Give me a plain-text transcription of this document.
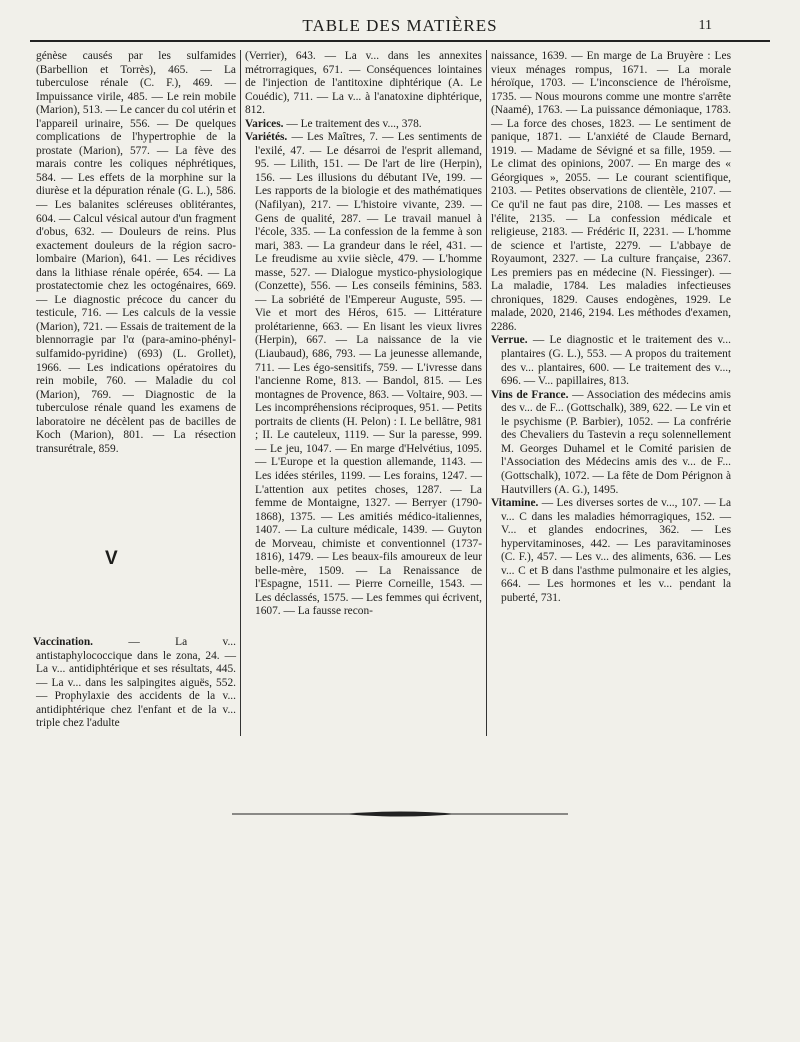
TABLE DES MATIÈRES	11

génèse causés par les sulfamides (Barbellion et Torrès), 465. — La tuberculose rénale (C. F.), 469. — Impuissance virile, 485. — Le rein mobile (Marion), 513. — Le cancer du col utérin et l'appareil urinaire, 556. — De quelques complications de l'hypertrophie de la prostate (Marion), 577. — La fève des marais contre les coliques néphrétiques, 584. — Les effets de la morphine sur la diurèse et la dépuration rénale (G. L.), 586. — Les balanites scléreuses oblitérantes, 604. — Calcul vésical autour d'un fragment d'obus, 632. — Douleurs de reins. Plus exactement douleurs de la région sacro-lombaire (Marion), 641. — Les récidives dans la lithiase rénale opérée, 654. — La prostatectomie chez les octogénaires, 669. — Le diagnostic précoce du cancer du testicule, 716. — Les calculs de la vessie (Marion), 721. — Essais de traitement de la blennorragie par l'α (para-amino-phényl-sulfamido-pyridine) (693) (L. Grollet), 1966. — Les indications opératoires du rein mobile, 760. — Maladie du col (Marion), 769. — Diagnostic de la tuberculose rénale quand les examens de laboratoire ne décèlent pas de bacilles de Koch (Marion), 801. — La résection transurétrale, 859.

V

Vaccination.	— La v... antistaphylococcique dans le zona, 24. — La v... antidiphtérique et ses résultats, 445. — La v... dans les salpingites aiguës, 552. — Prophylaxie des accidents de la v... antidiphtérique chez l'enfant et de la v... triple chez l'adulte

(Verrier), 643. — La v... dans les annexites métrorragiques, 671. — Conséquences lointaines de l'injection de l'antitoxine diphtérique (A. Le Couédic), 711. — La v... à l'anatoxine diphtérique, 812.

Varices. — Le traitement des v..., 378.

Variétés. — Les Maîtres, 7. — Les sentiments de l'exilé, 47. — Le désarroi de l'esprit allemand, 95. — Lilith, 151. — De l'art de lire (Herpin), 156. — Les illusions du débutant IVe, 199. — Les rapports de la biologie et des mathématiques (Nafilyan), 217. — L'histoire vivante, 239. — Gens de qualité, 287. — Le travail manuel à l'école, 335. — La confession de la femme à son mari, 383. — La grandeur dans le réel, 431. — Le freudisme au xviie siècle, 479. — L'homme masse, 527. — Dialogue mystico-physiologique (Conzette), 556. — Les conseils féminins, 583. — La sobriété de l'Empereur Auguste, 595. — Vie et mort des Héros, 615. — Littérature prolétarienne, 663. — En lisant les vieux livres (Herpin), 667. — La naissance de la vie (Liaubaud), 686, 793. — La jeunesse allemande, 711. — Les égo-sensitifs, 759. — L'ivresse dans l'ancienne Rome, 813. — Bandol, 815. — Les montagnes de Provence, 863. — Voltaire, 903. — Les incompréhensions réciproques, 951. — Petits portraits de clients (H. Pelon) : I. Le bellâtre, 981 ; II. Le cauteleux, 1119. — Sur la paresse, 999. — Le jeu, 1047. — En marge d'Helvétius, 1095. — L'Europe et la question allemande, 1143. — Les idées stériles, 1199. — Les forains, 1247. — L'attention aux petites choses, 1287. — La femme de Montaigne, 1327. — Berryer (1790-1868), 1375. — Les amitiés médico-italiennes, 1407. — La culture médicale, 1439. — Guyton de Morveau, chimiste et conventionnel (1737-1816), 1479. — Les beaux-fils amoureux de leur belle-mère, 1509. — La Renaissance de l'Espagne, 1511. — Pierre Corneille, 1543. — Les déclassés, 1575. — Les femmes qui écrivent, 1607. — La fausse recon-

naissance, 1639. — En marge de La Bruyère : Les vieux ménages rompus, 1671. — La morale héroïque, 1703. — L'inconscience de l'héroïsme, 1735. — Nous mourons comme une montre s'arrête (Naamé), 1763. — La puissance démoniaque, 1783. — La force des choses, 1823. — Le sentiment de panique, 1871. — L'anxiété de Claude Bernard, 1919. — Madame de Sévigné et sa fille, 1959. — Le climat des opinions, 2007. — En marge des « Géorgiques », 2055. — Le courant scientifique, 2103. — Petites observations de clientèle, 2107. — Ce qu'il ne faut pas dire, 2108. — Les masses et l'élite, 2135. — La confession médicale et religieuse, 2183. — Frédéric II, 2231. — L'homme de science et l'artiste, 2279. — L'abbaye de Royaumont, 2327. — La culture française, 2367. Les premiers pas en médecine (N. Fiessinger). — La maladie, 1784. Les maladies infectieuses chroniques, 1829. Causes endogènes, 1929. Le malade, 2020, 2146, 2194. Les méthodes d'examen, 2286.

Verrue. — Le diagnostic et le traitement des v... plantaires (G. L.), 553. — A propos du traitement des v... plantaires, 600. — Le traitement des v..., 696. — V... papillaires, 813.

Vins de France. — Association des médecins amis des v... de F... (Gottschalk), 389, 622. — Le vin et le psychisme (P. Barbier), 1052. — La confrérie des Chevaliers du Tastevin a reçu solennellement M. Georges Duhamel et le Comité parisien de l'Association des Médecins amis des v... de F... (Gottschalk), 1072. — La fête de Dom Pérignon à Hautvillers (A. G.), 1495.

Vitamine. — Les diverses sortes de v..., 107. — La v... C dans les maladies hémorragiques, 152. — V... et glandes endocrines, 362. — Les hypervitaminoses, 442. — Les paravitaminoses (C. F.), 457. — Les v... des aliments, 636. — Les v... C et B dans l'asthme pulmonaire et les algies, 664. — Les hormones et les v... pendant la puberté, 731.
